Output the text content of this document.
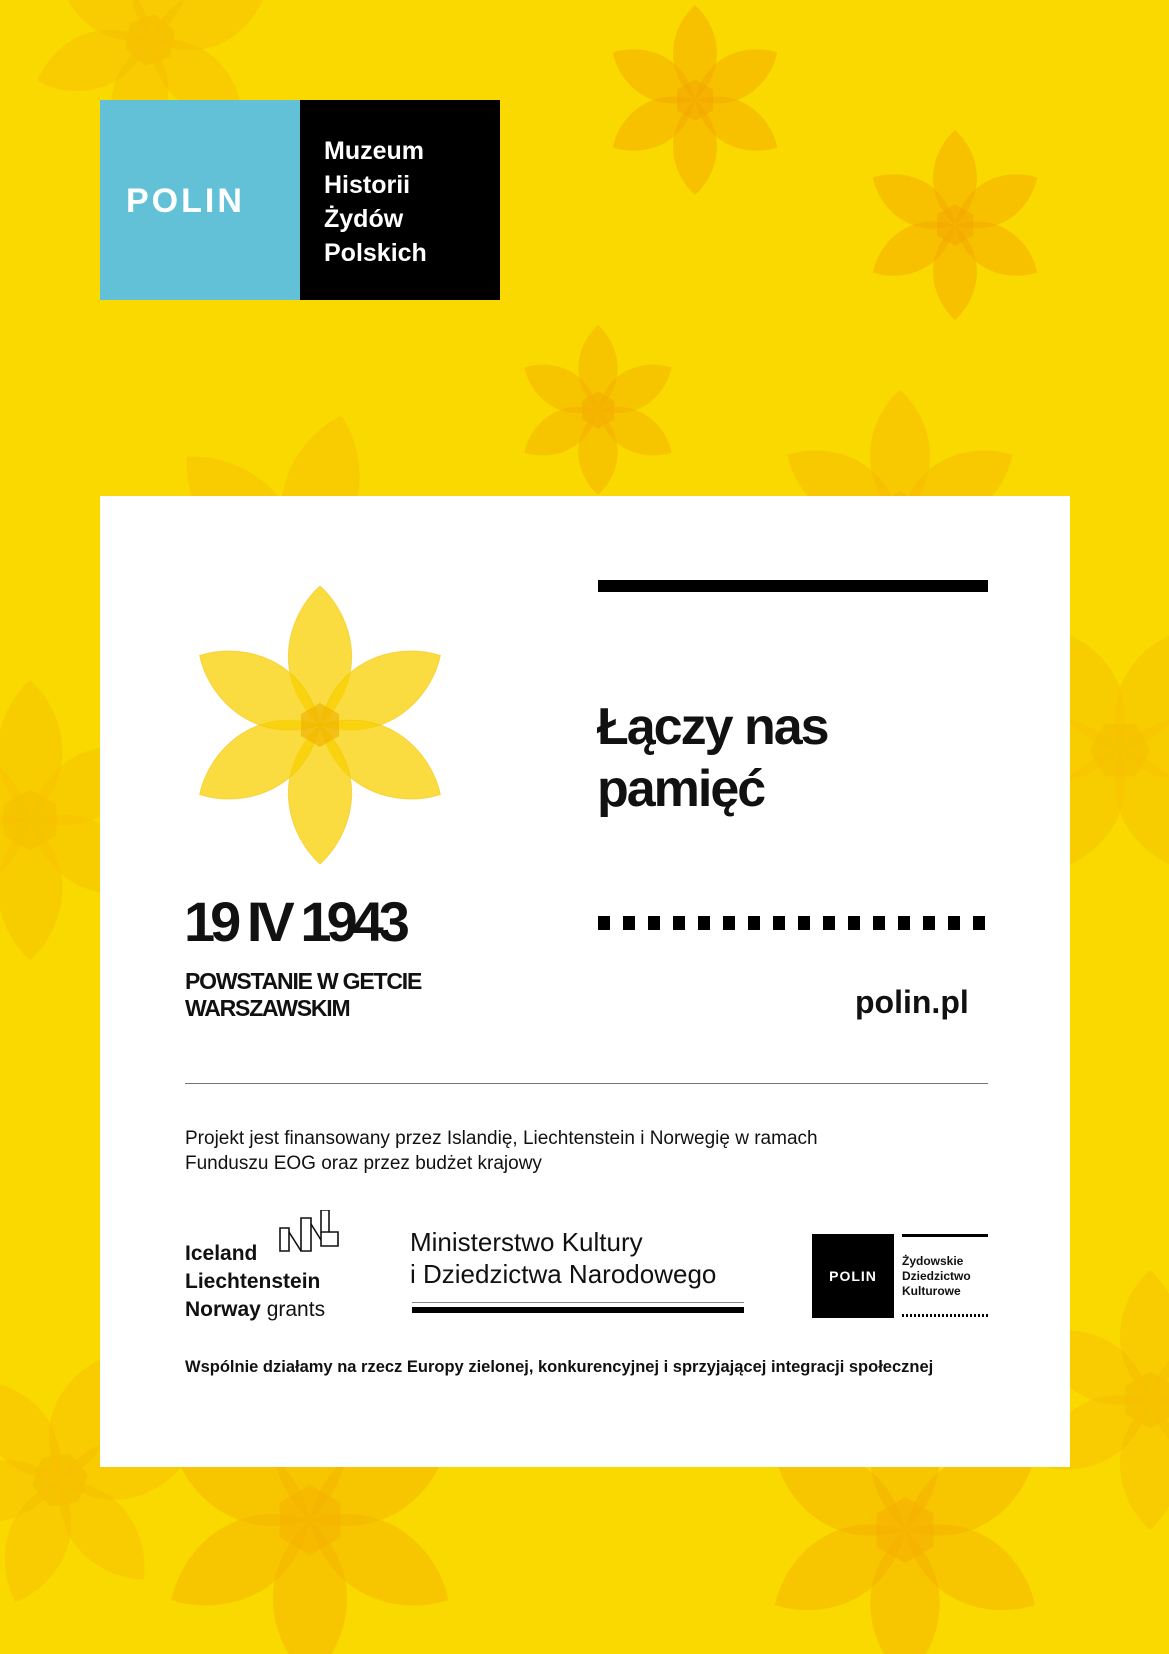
POLIN
Muzeum
Historii
Żydów
Polskich
Łączy nas
pamięć
polin.pl
19 IV 1943
POWSTANIE W GETCIE
WARSZAWSKIM
Projekt jest finansowany przez Islandię, Liechtenstein i Norwegię w ramach
Funduszu EOG oraz przez budżet krajowy
Iceland
Liechtenstein
Norway grants
Ministerstwo Kultury
i Dziedzictwa Narodowego	POLIN
Żydowskie
Dziedzictwo
Kulturowe
Wspólnie działamy na rzecz Europy zielonej, konkurencyjnej i sprzyjającej integracji społecznej
